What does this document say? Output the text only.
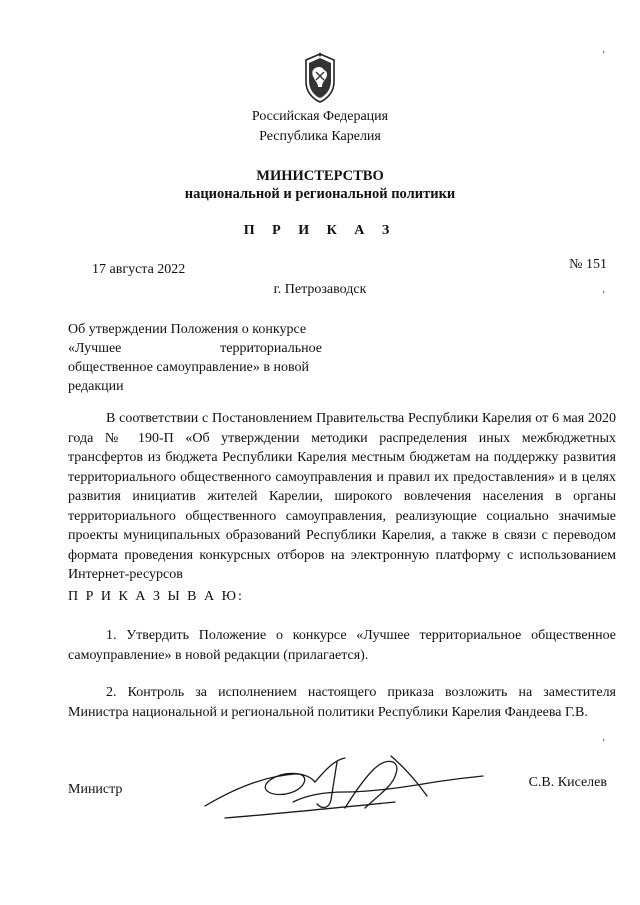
Российская Федерация
Республика Карелия
МИНИСТЕРСТВО
национальной и региональной политики
П Р И К А З
17 августа 2022	№ 151
г. Петрозаводск
Об утверждении Положения о конкурсе
«Лучшее территориальное
общественное самоуправление» в новой
редакции
В соответствии с Постановлением Правительства Республики Карелия от 6 мая 2020 года № 190-П «Об утверждении методики распределения иных межбюджетных трансфертов из бюджета Республики Карелия местным бюджетам на поддержку развития территориального общественного самоуправления и правил их предоставления» и в целях развития инициатив жителей Карелии, широкого вовлечения населения в органы территориального общественного самоуправления, реализующие социально значимые проекты муниципальных образований Республики Карелия, а также в связи с переводом формата проведения конкурсных отборов на электронную платформу с использованием Интернет-ресурсов
П Р И К А З Ы В А Ю:
1. Утвердить Положение о конкурсе «Лучшее территориальное общественное самоуправление» в новой редакции (прилагается).
2. Контроль за исполнением настоящего приказа возложить на заместителя Министра национальной и региональной политики Республики Карелия Фандеева Г.В.
Министр	С.В. Киселев
‚
‚
‚
